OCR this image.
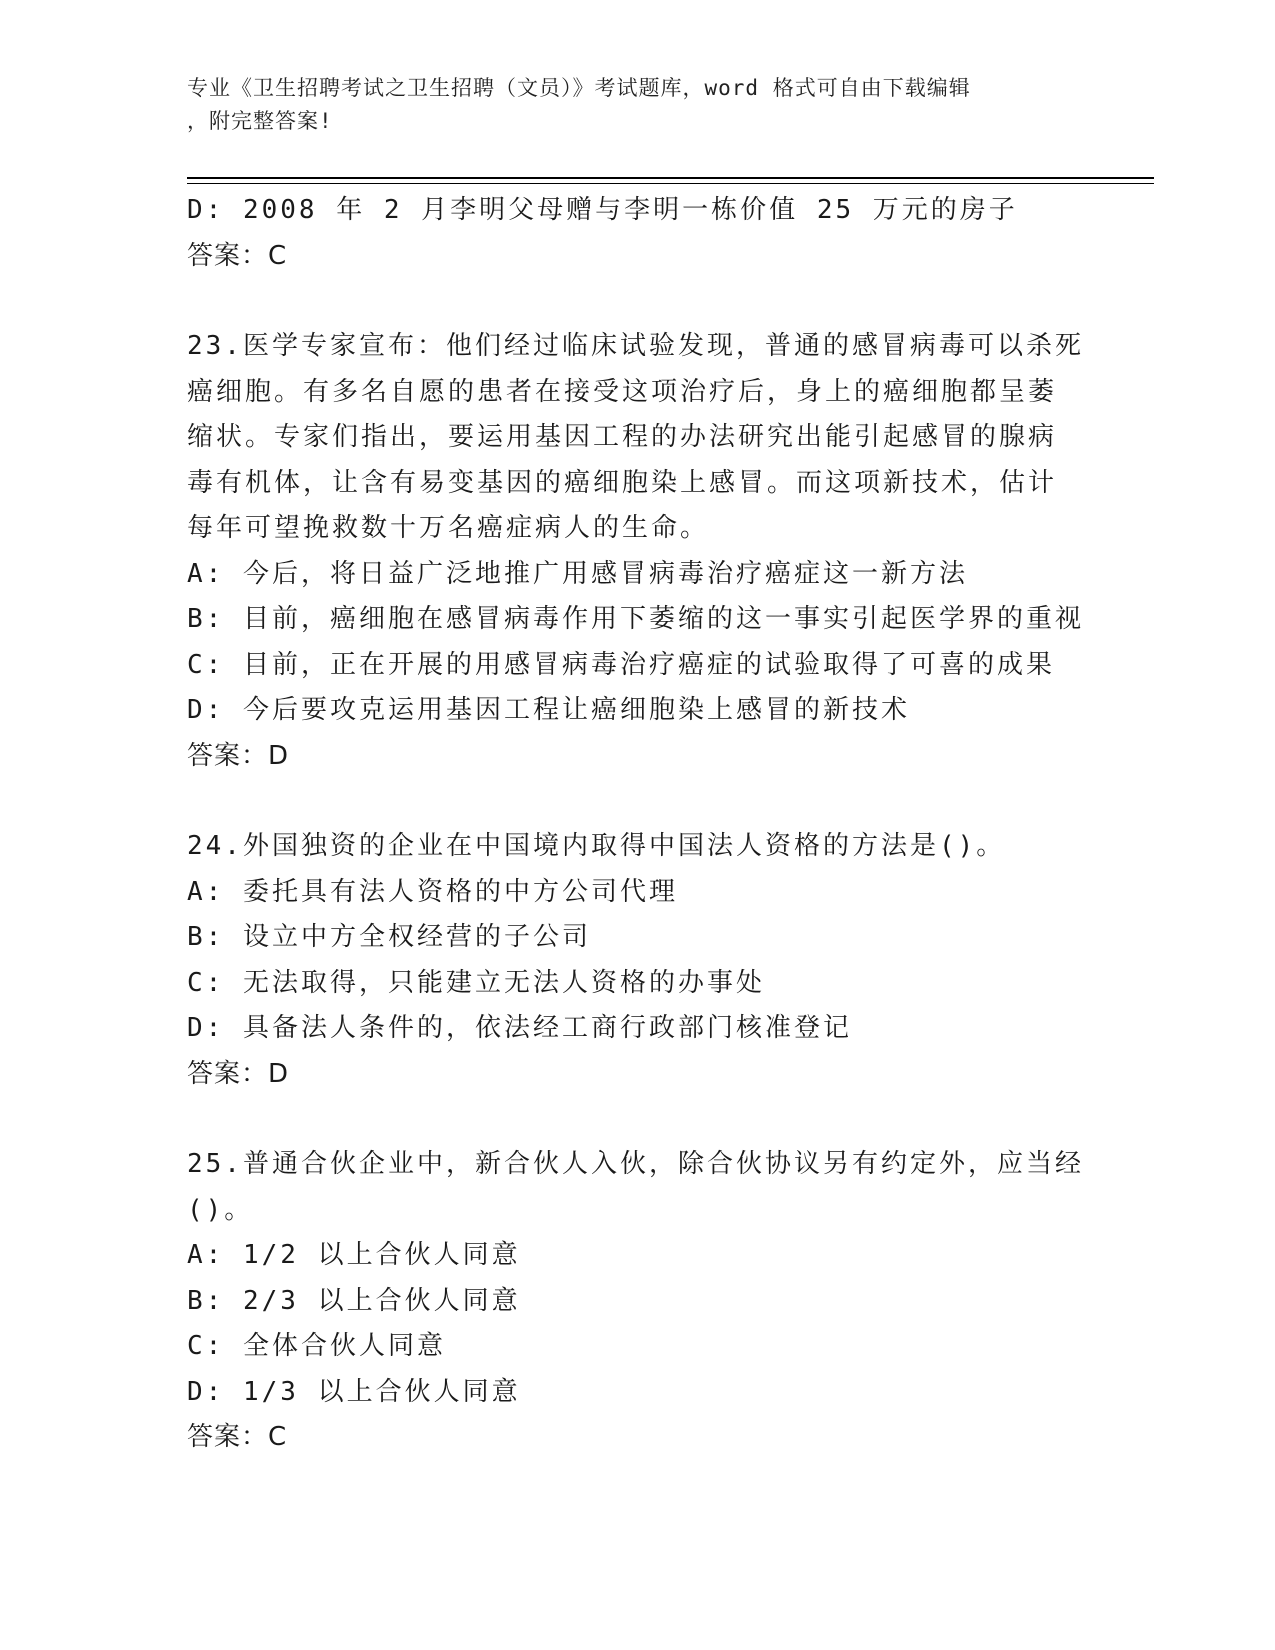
专业《卫生招聘考试之卫生招聘（文员）》考试题库，word 格式可自由下载编辑
，附完整答案!

D: 2008 年 2 月李明父母赠与李明一栋价值 25 万元的房子

答案：C

23.医学专家宣布：他们经过临床试验发现，普通的感冒病毒可以杀死

癌细胞。有多名自愿的患者在接受这项治疗后，身上的癌细胞都呈萎

缩状。专家们指出，要运用基因工程的办法研究出能引起感冒的腺病

毒有机体，让含有易变基因的癌细胞染上感冒。而这项新技术，估计

每年可望挽救数十万名癌症病人的生命。

A: 今后，将日益广泛地推广用感冒病毒治疗癌症这一新方法

B: 目前，癌细胞在感冒病毒作用下萎缩的这一事实引起医学界的重视

C: 目前，正在开展的用感冒病毒治疗癌症的试验取得了可喜的成果

D: 今后要攻克运用基因工程让癌细胞染上感冒的新技术

答案：D

24.外国独资的企业在中国境内取得中国法人资格的方法是()。

A: 委托具有法人资格的中方公司代理

B: 设立中方全权经营的子公司

C: 无法取得，只能建立无法人资格的办事处

D: 具备法人条件的，依法经工商行政部门核准登记

答案：D

25.普通合伙企业中，新合伙人入伙，除合伙协议另有约定外，应当经

()。

A: 1/2 以上合伙人同意

B: 2/3 以上合伙人同意

C: 全体合伙人同意

D: 1/3 以上合伙人同意

答案：C
